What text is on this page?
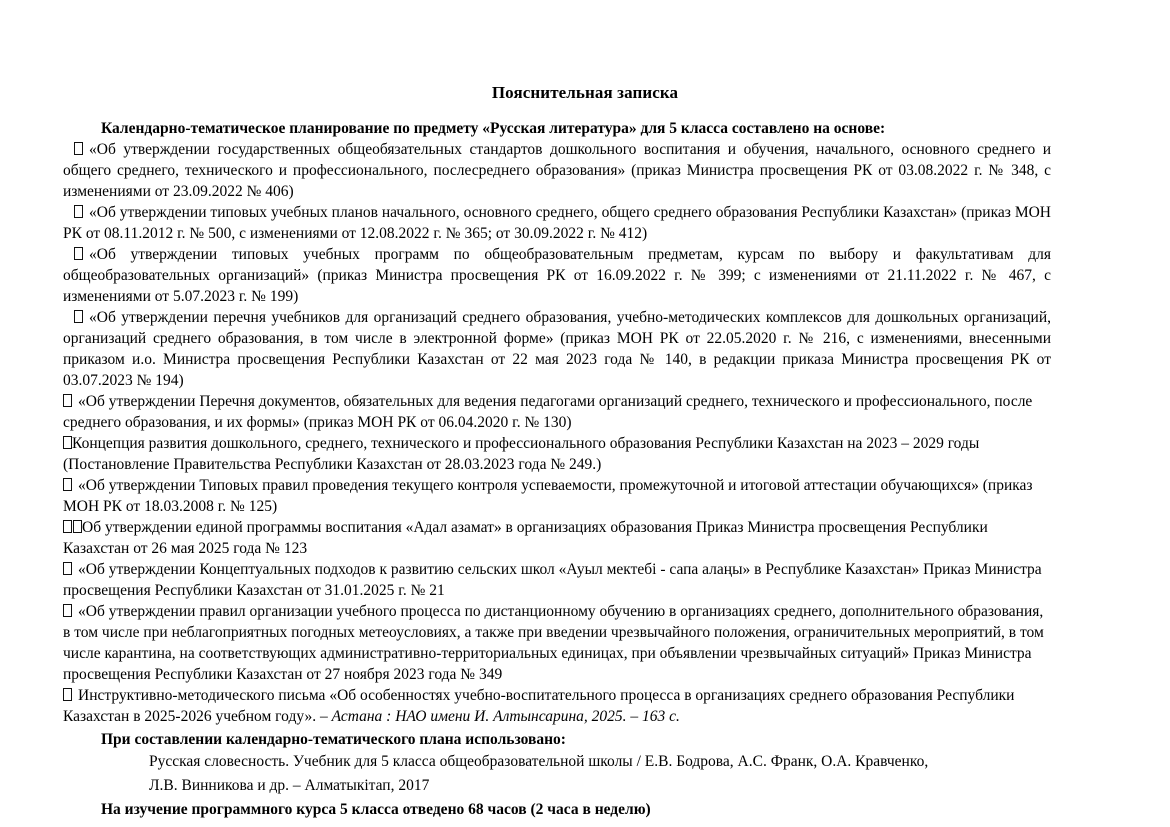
Пояснительная записка

Календарно-тематическое планирование по предмету «Русская литература» для 5 класса составлено на основе:

«Об утверждении государственных общеобязательных стандартов дошкольного воспитания и обучения, начального, основного среднего и общего среднего, технического и профессионального, послесреднего образования» (приказ Министра просвещения РК от 03.08.2022 г. № 348, с изменениями от 23.09.2022 № 406)

«Об утверждении типовых учебных планов начального, основного среднего, общего среднего образования Республики Казахстан» (приказ МОН РК от 08.11.2012 г. № 500, с изменениями от 12.08.2022 г. № 365; от 30.09.2022 г. № 412)

«Об утверждении типовых учебных программ по общеобразовательным предметам, курсам по выбору и факультативам для общеобразовательных организаций» (приказ Министра просвещения РК от 16.09.2022 г. № 399; с изменениями от 21.11.2022 г. № 467, с изменениями от 5.07.2023 г. № 199)

«Об утверждении перечня учебников для организаций среднего образования, учебно-методических комплексов для дошкольных организаций, организаций среднего образования, в том числе в электронной форме» (приказ МОН РК от 22.05.2020 г. № 216, с изменениями, внесенными приказом и.о. Министра просвещения Республики Казахстан от 22 мая 2023 года № 140, в редакции приказа Министра просвещения РК от 03.07.2023 № 194)

«Об утверждении Перечня документов, обязательных для ведения педагогами организаций среднего, технического и профессионального, после среднего образования, и их формы» (приказ МОН РК от 06.04.2020 г. № 130)

Концепция развития дошкольного, среднего, технического и профессионального образования Республики Казахстан на 2023 – 2029 годы (Постановление Правительства Республики Казахстан от 28.03.2023 года № 249.)

«Об утверждении Типовых правил проведения текущего контроля успеваемости, промежуточной и итоговой аттестации обучающихся» (приказ МОН РК от 18.03.2008 г. № 125)

Об утверждении единой программы воспитания «Адал азамат» в организациях образования Приказ Министра просвещения Республики Казахстан от 26 мая 2025 года № 123

«Об утверждении Концептуальных подходов к развитию сельских школ «Ауыл мектебі - сапа алаңы» в Республике Казахстан» Приказ Министра просвещения Республики Казахстан от 31.01.2025 г. № 21

«Об утверждении правил организации учебного процесса по дистанционному обучению в организациях среднего, дополнительного образования, в том числе при неблагоприятных погодных метеоусловиях, а также при введении чрезвычайного положения, ограничительных мероприятий, в том числе карантина, на соответствующих административно-территориальных единицах, при объявлении чрезвычайных ситуаций» Приказ Министра просвещения Республики Казахстан от 27 ноября 2023 года № 349

Инструктивно-методического письма «Об особенностях учебно-воспитательного процесса в организациях среднего образования Республики Казахстан в 2025-2026 учебном году». – Астана : НАО имени И. Алтынсарина, 2025. – 163 с.

При составлении календарно-тематического плана использовано:

Русская словесность. Учебник для 5 класса общеобразовательной школы / Е.В. Бодрова, А.С. Франк, О.А. Кравченко,

Л.В. Винникова и др. – Алматыкітап, 2017

На изучение программного курса 5 класса отведено 68 часов (2 часа в неделю)
